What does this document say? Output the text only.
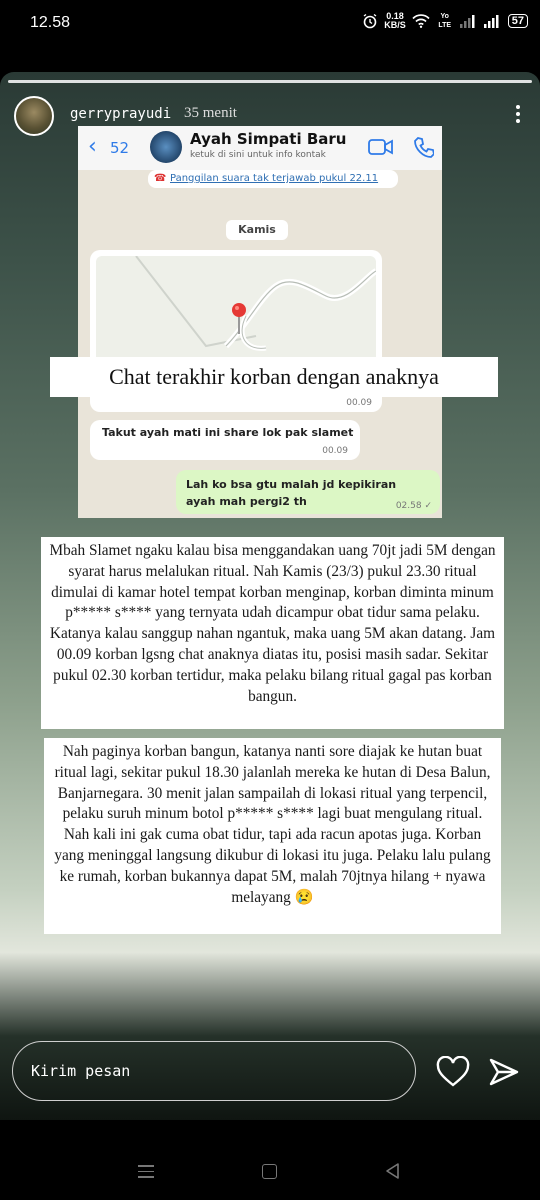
12.58	0.18
KB/S
Yo LTE	57
gerryprayudi 35 menit
‹ 52	Ayah Simpati Baru
ketuk di sini untuk info kontak
☎ Panggilan suara tak terjawab pukul 22.11
Kamis
00.09
Takut ayah mati ini share lok pak slamet
00.09
Lah ko bsa gtu malah jd kepikiran ayah mah pergi2 th	02.58 ✓
Chat terakhir korban dengan anaknya
Mbah Slamet ngaku kalau bisa menggandakan uang 70jt jadi 5M dengan syarat harus melalukan ritual. Nah Kamis (23/3) pukul 23.30 ritual dimulai di kamar hotel tempat korban menginap, korban diminta minum p***** s**** yang ternyata udah dicampur obat tidur sama pelaku. Katanya kalau sanggup nahan ngantuk, maka uang 5M akan datang. Jam 00.09 korban lgsng chat anaknya diatas itu, posisi masih sadar. Sekitar pukul 02.30 korban tertidur, maka pelaku bilang ritual gagal pas korban bangun.
Nah paginya korban bangun, katanya nanti sore diajak ke hutan buat ritual lagi, sekitar pukul 18.30 jalanlah mereka ke hutan di Desa Balun, Banjarnegara. 30 menit jalan sampailah di lokasi ritual yang terpencil, pelaku suruh minum botol p***** s**** lagi buat mengulang ritual. Nah kali ini gak cuma obat tidur, tapi ada racun apotas juga. Korban yang meninggal langsung dikubur di lokasi itu juga. Pelaku lalu pulang ke rumah, korban bukannya dapat 5M, malah 70jtnya hilang + nyawa melayang 😢
Kirim pesan
